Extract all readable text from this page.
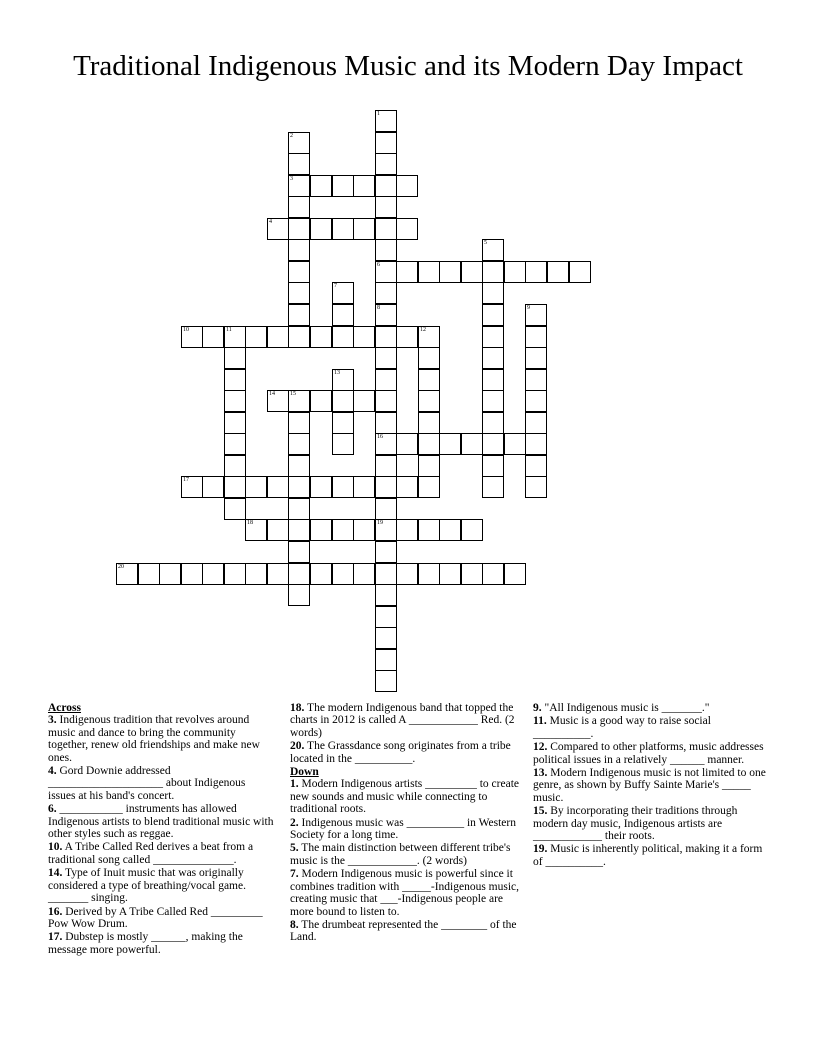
Traditional Indigenous Music and its Modern Day Impact
3
4
6
10	11
14	15
16
17
18	19
20
1
8
2
5
7
9
12
13
Across
3. Indigenous tradition that revolves around music and dance to bring the community together, renew old friendships and make new ones.
4. Gord Downie addressed ____________________ about Indigenous issues at his band's concert.
6. ___________ instruments has allowed Indigenous artists to blend traditional music with other styles such as reggae.
10. A Tribe Called Red derives a beat from a traditional song called ______________.
14. Type of Inuit music that was originally considered a type of breathing/vocal game. _______ singing.
16. Derived by A Tribe Called Red _________ Pow Wow Drum.
17. Dubstep is mostly ______, making the message more powerful.
18. The modern Indigenous band that topped the charts in 2012 is called A ____________ Red. (2 words)
20. The Grassdance song originates from a tribe located in the __________.
Down
1. Modern Indigenous artists _________ to create new sounds and music while connecting to traditional roots.
2. Indigenous music was __________ in Western Society for a long time.
5. The main distinction between different tribe's music is the ____________. (2 words)
7. Modern Indigenous music is powerful since it combines tradition with _____-Indigenous music, creating music that ___-Indigenous people are more bound to listen to.
8. The drumbeat represented the ________ of the Land.
9. "All Indigenous music is _______."
11. Music is a good way to raise social __________.
12. Compared to other platforms, music addresses political issues in a relatively ______ manner.
13. Modern Indigenous music is not limited to one genre, as shown by Buffy Sainte Marie's _____ music.
15. By incorporating their traditions through modern day music, Indigenous artists are ____________ their roots.
19. Music is inherently political, making it a form of __________.
